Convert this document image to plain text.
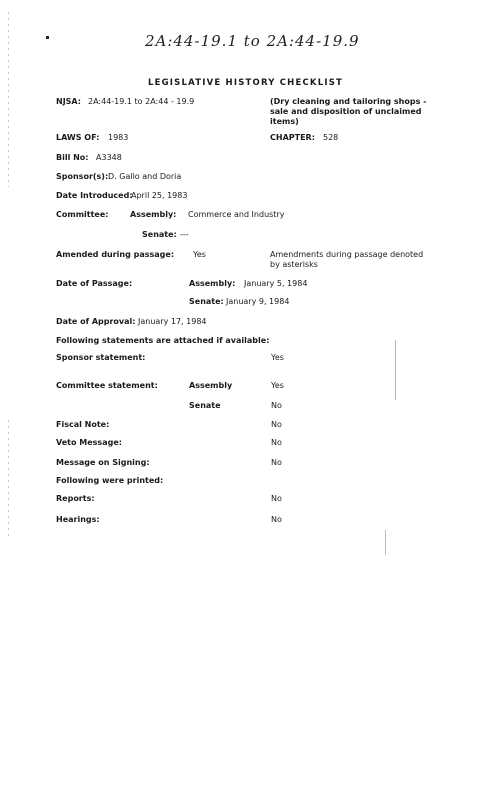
2A:44-19.1 to 2A:44-19.9
LEGISLATIVE HISTORY CHECKLIST
NJSA: 2A:44-19.1 to 2A:44 - 19.9	(Dry cleaning and tailoring shops - sale and disposition of unclaimed items)
LAWS OF: 1983	CHAPTER: 528
Bill No: A3348
Sponsor(s): D. Gallo and Doria
Date Introduced:
April 25, 1983
Committee:	Assembly: Commerce and Industry
Senate: ---
Amended during passage: Yes	Amendments during passage denoted by asterisks
Date of Passage:	Assembly: January 5, 1984
Senate: January 9, 1984
Date of Approval: January 17, 1984
Following statements are attached if available:
Sponsor statement:	Yes
Committee statement:	Assembly	Yes
Senate	No
Fiscal Note:	No
Veto Message:	No
Message on Signing:	No
Following were printed:
Reports:	No
Hearings:	No
